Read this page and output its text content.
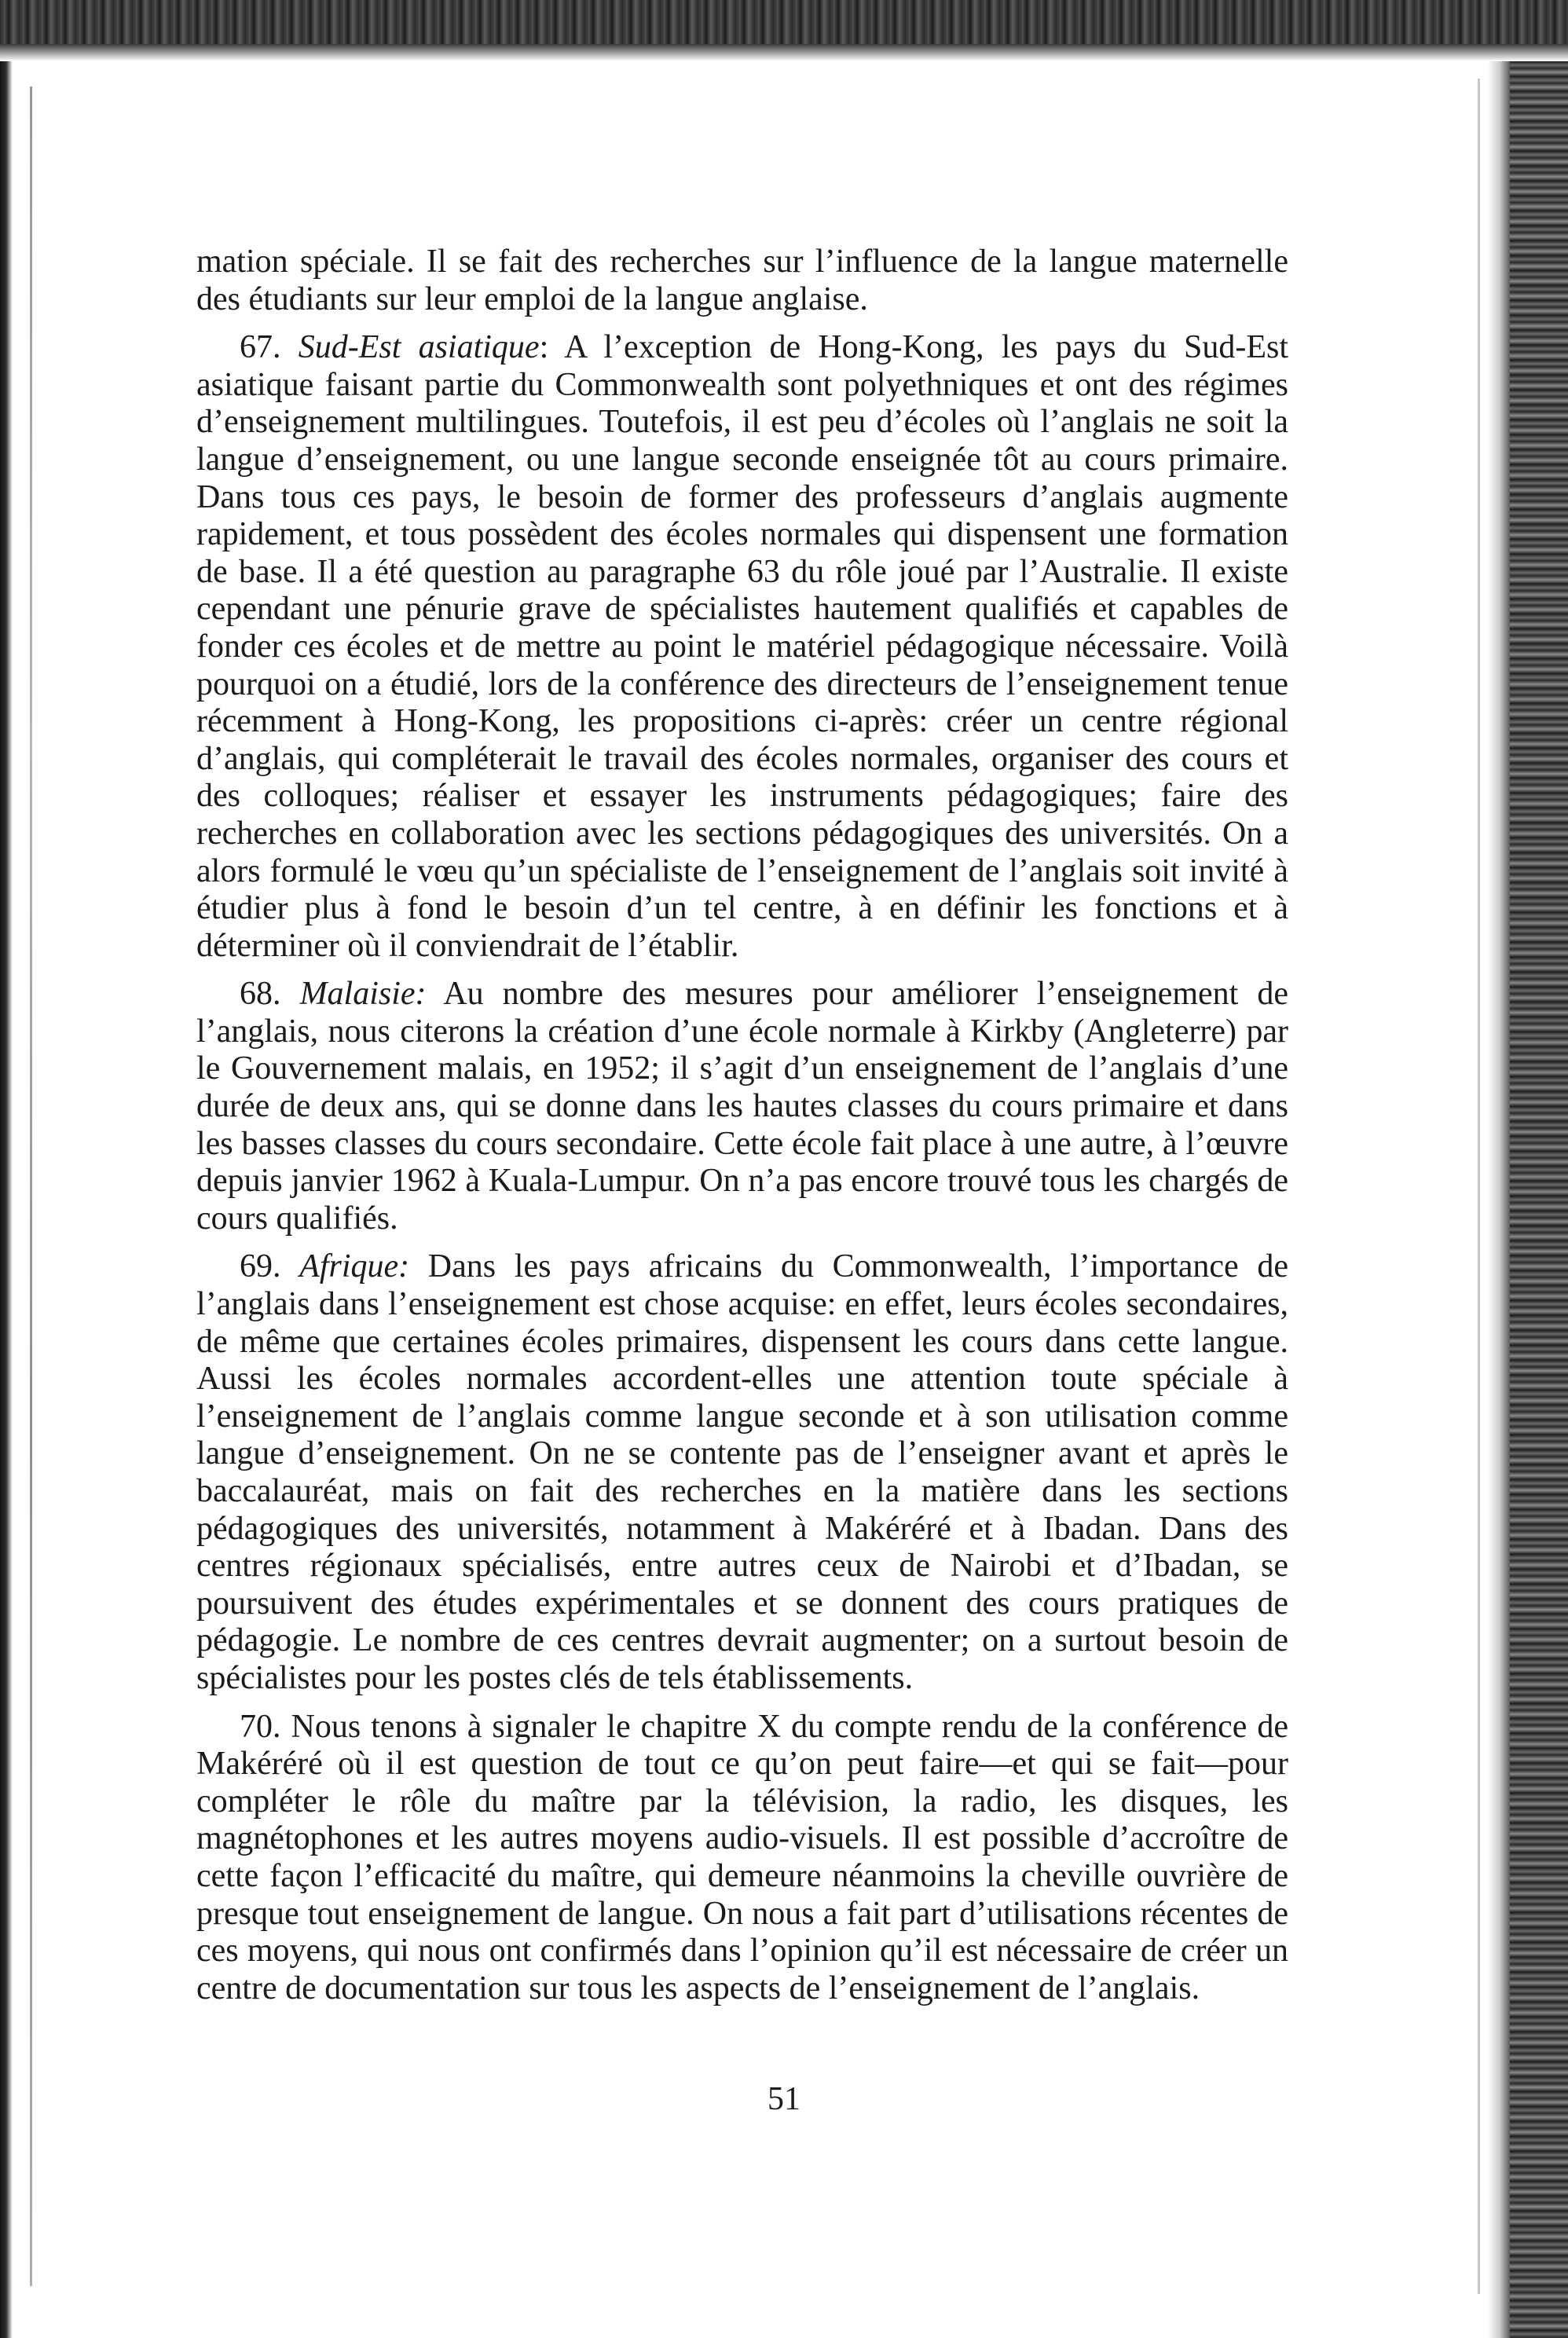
mation spéciale. Il se fait des recherches sur l’influence de la langue maternelle des étudiants sur leur emploi de la langue anglaise.

67. Sud-Est asiatique: A l’exception de Hong-Kong, les pays du Sud-Est asiatique faisant partie du Commonwealth sont polyethniques et ont des régimes d’enseignement multilingues. Toutefois, il est peu d’écoles où l’anglais ne soit la langue d’enseignement, ou une langue seconde enseignée tôt au cours primaire. Dans tous ces pays, le besoin de former des professeurs d’anglais augmente rapidement, et tous possèdent des écoles normales qui dispensent une formation de base. Il a été question au paragraphe 63 du rôle joué par l’Australie. Il existe cependant une pénurie grave de spécialistes hautement qualifiés et capables de fonder ces écoles et de mettre au point le matériel pédagogique nécessaire. Voilà pourquoi on a étudié, lors de la conférence des directeurs de l’enseignement tenue récemment à Hong-Kong, les propositions ci-après: créer un centre régional d’anglais, qui compléterait le travail des écoles normales, organiser des cours et des colloques; réaliser et essayer les instruments pédagogiques; faire des recherches en collaboration avec les sections pédagogiques des universités. On a alors formulé le vœu qu’un spécialiste de l’enseignement de l’anglais soit invité à étudier plus à fond le besoin d’un tel centre, à en définir les fonctions et à déterminer où il conviendrait de l’établir.

68. Malaisie: Au nombre des mesures pour améliorer l’enseignement de l’anglais, nous citerons la création d’une école normale à Kirkby (Angleterre) par le Gouvernement malais, en 1952; il s’agit d’un enseignement de l’anglais d’une durée de deux ans, qui se donne dans les hautes classes du cours primaire et dans les basses classes du cours secondaire. Cette école fait place à une autre, à l’œuvre depuis janvier 1962 à Kuala-Lumpur. On n’a pas encore trouvé tous les chargés de cours qualifiés.

69. Afrique: Dans les pays africains du Commonwealth, l’importance de l’anglais dans l’enseignement est chose acquise: en effet, leurs écoles secondaires, de même que certaines écoles primaires, dispensent les cours dans cette langue. Aussi les écoles normales accordent-elles une attention toute spéciale à l’enseignement de l’anglais comme langue seconde et à son utilisation comme langue d’enseignement. On ne se contente pas de l’enseigner avant et après le baccalauréat, mais on fait des recherches en la matière dans les sections pédagogiques des universités, notamment à Makéréré et à Ibadan. Dans des centres régionaux spécialisés, entre autres ceux de Nairobi et d’Ibadan, se poursuivent des études expérimentales et se donnent des cours pratiques de pédagogie. Le nombre de ces centres devrait augmenter; on a surtout besoin de spécialistes pour les postes clés de tels établissements.

70. Nous tenons à signaler le chapitre X du compte rendu de la conférence de Makéréré où il est question de tout ce qu’on peut faire—et qui se fait—pour compléter le rôle du maître par la télévision, la radio, les disques, les magnétophones et les autres moyens audio-visuels. Il est possible d’accroître de cette façon l’efficacité du maître, qui demeure néanmoins la cheville ouvrière de presque tout enseignement de langue. On nous a fait part d’utilisations récentes de ces moyens, qui nous ont confirmés dans l’opinion qu’il est nécessaire de créer un centre de documentation sur tous les aspects de l’enseignement de l’anglais.

51
